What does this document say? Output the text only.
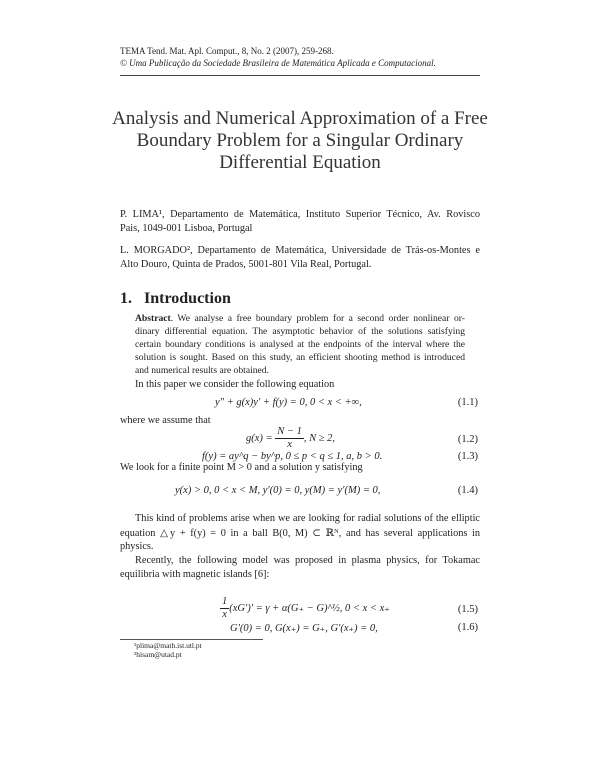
TEMA Tend. Mat. Apl. Comput., 8, No. 2 (2007), 259-268.
© Uma Publicação da Sociedade Brasileira de Matemática Aplicada e Computacional.
Analysis and Numerical Approximation of a Free
Boundary Problem for a Singular Ordinary
Differential Equation
P. LIMA¹, Departamento de Matemática, Instituto Superior Técnico, Av. Rovisco
Pais, 1049-001 Lisboa, Portugal
L. MORGADO², Departamento de Matemática, Universidade de Trás-os-Montes e
Alto Douro, Quinta de Prados, 5001-801 Vila Real, Portugal.
1. Introduction
Abstract. We analyse a free boundary problem for a second order nonlinear or-
dinary differential equation. The asymptotic behavior of the solutions satisfying
certain boundary conditions is analysed at the endpoints of the interval where the
solution is sought. Based on this study, an efficient shooting method is introduced
and numerical results are obtained.
In this paper we consider the following equation
y″ + g(x)y′ + f(y) = 0, 0 < x < +∞,	(1.1)
where we assume that
$g(x) = \frac{N - 1}{x}$ , N ≥ 2,	(1.2)
f(y) = ay^q − by^p, 0 ≤ p < q ≤ 1, a, b > 0.	(1.3)
We look for a finite point M > 0 and a solution y satisfying
y(x) > 0, 0 < x < M, y′(0) = 0, y(M) = y′(M) = 0,	(1.4)
This kind of problems arise when we are looking for radial solutions of the elliptic
equation △y + f(y) = 0 in a ball B(0, M) ⊂ ℝᴺ, and has several applications in
physics.
Recently, the following model was proposed in plasma physics, for Tokamac
equilibria with magnetic islands [6]:
$\frac{1}{x} (xG')' = \gamma + \alpha(G_+$ − G)^½, 0 < x < x₊	(1.5)
G′(0) = 0, G(x₊) = G₊, G′(x₊) = 0,	(1.6)
¹plima@math.ist.utl.pt
²hisam@utad.pt
